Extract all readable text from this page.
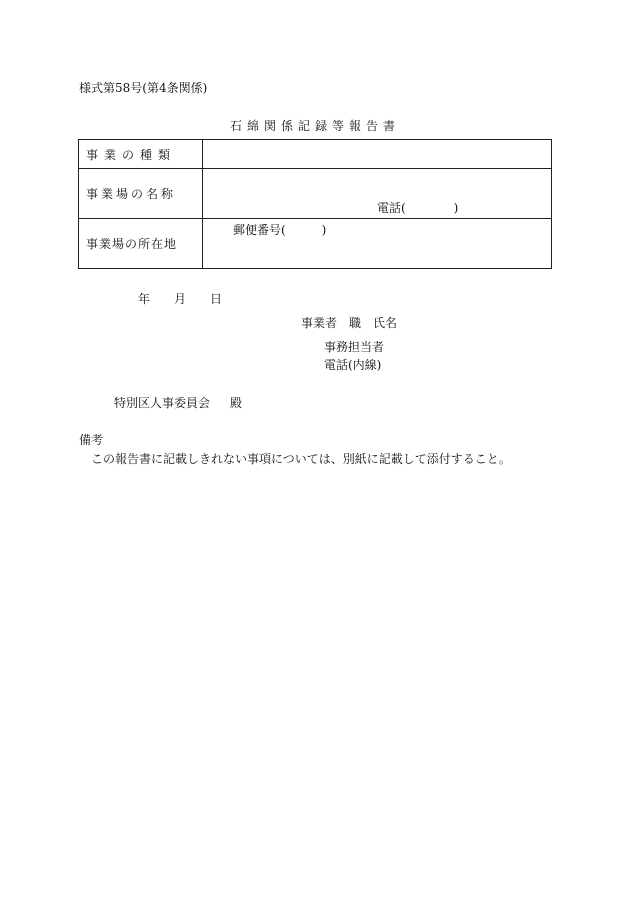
様式第58号(第4条関係)
石綿関係記録等報告書
事業の種類	
事業場の名称	電話(　　　　)

事業場の所在地	郵便番号(　　　)
年 月 日
事業者 職　氏名
事務担当者
電話(内線)
特別区人事委員会 殿
備考
この報告書に記載しきれない事項については、別紙に記載して添付すること。
